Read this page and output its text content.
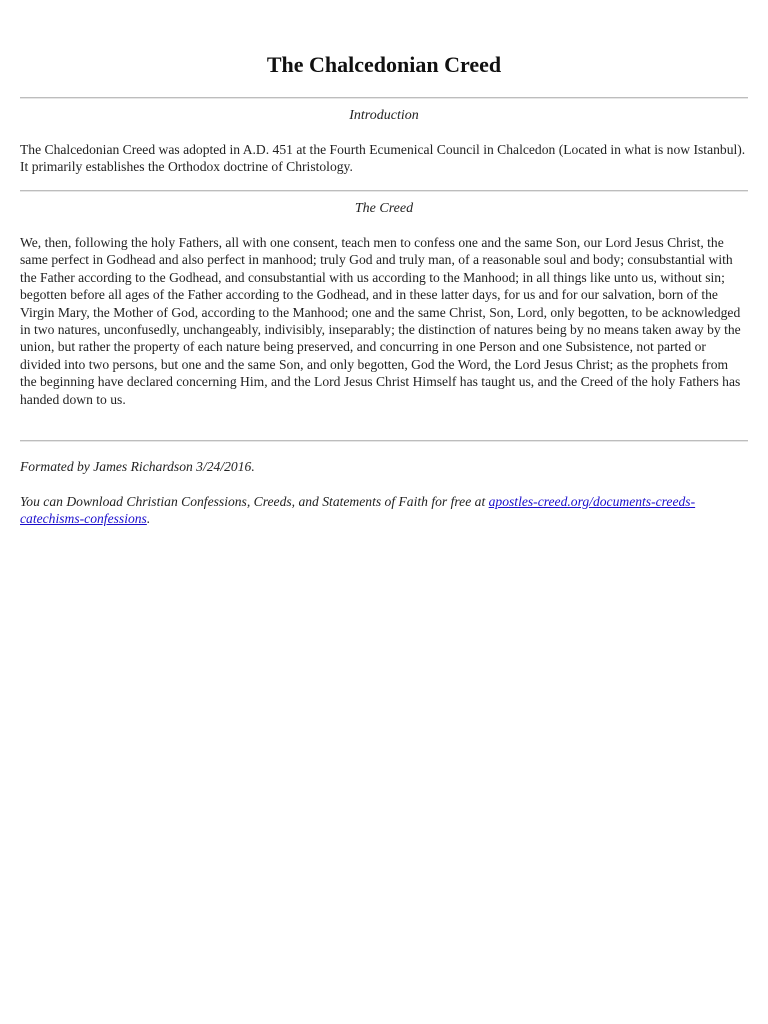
The Chalcedonian Creed
Introduction

The Chalcedonian Creed was adopted in A.D. 451 at the Fourth Ecumenical Council in Chalcedon (Located in what is now Istanbul). It primarily establishes the Orthodox doctrine of Christology.

The Creed

We, then, following the holy Fathers, all with one consent, teach men to confess one and the same Son, our Lord Jesus Christ, the same perfect in Godhead and also perfect in manhood; truly God and truly man, of a reasonable soul and body; consubstantial with the Father according to the Godhead, and consubstantial with us according to the Manhood; in all things like unto us, without sin; begotten before all ages of the Father according to the Godhead, and in these latter days, for us and for our salvation, born of the Virgin Mary, the Mother of God, according to the Manhood; one and the same Christ, Son, Lord, only begotten, to be acknowledged in two natures, unconfusedly, unchangeably, indivisibly, inseparably; the distinction of natures being by no means taken away by the union, but rather the property of each nature being preserved, and concurring in one Person and one Subsistence, not parted or divided into two persons, but one and the same Son, and only begotten, God the Word, the Lord Jesus Christ; as the prophets from the beginning have declared concerning Him, and the Lord Jesus Christ Himself has taught us, and the Creed of the holy Fathers has handed down to us.

Formated by James Richardson 3/24/2016.

You can Download Christian Confessions, Creeds, and Statements of Faith for free at apostles-creed.org/documents-creeds-catechisms-confessions.
